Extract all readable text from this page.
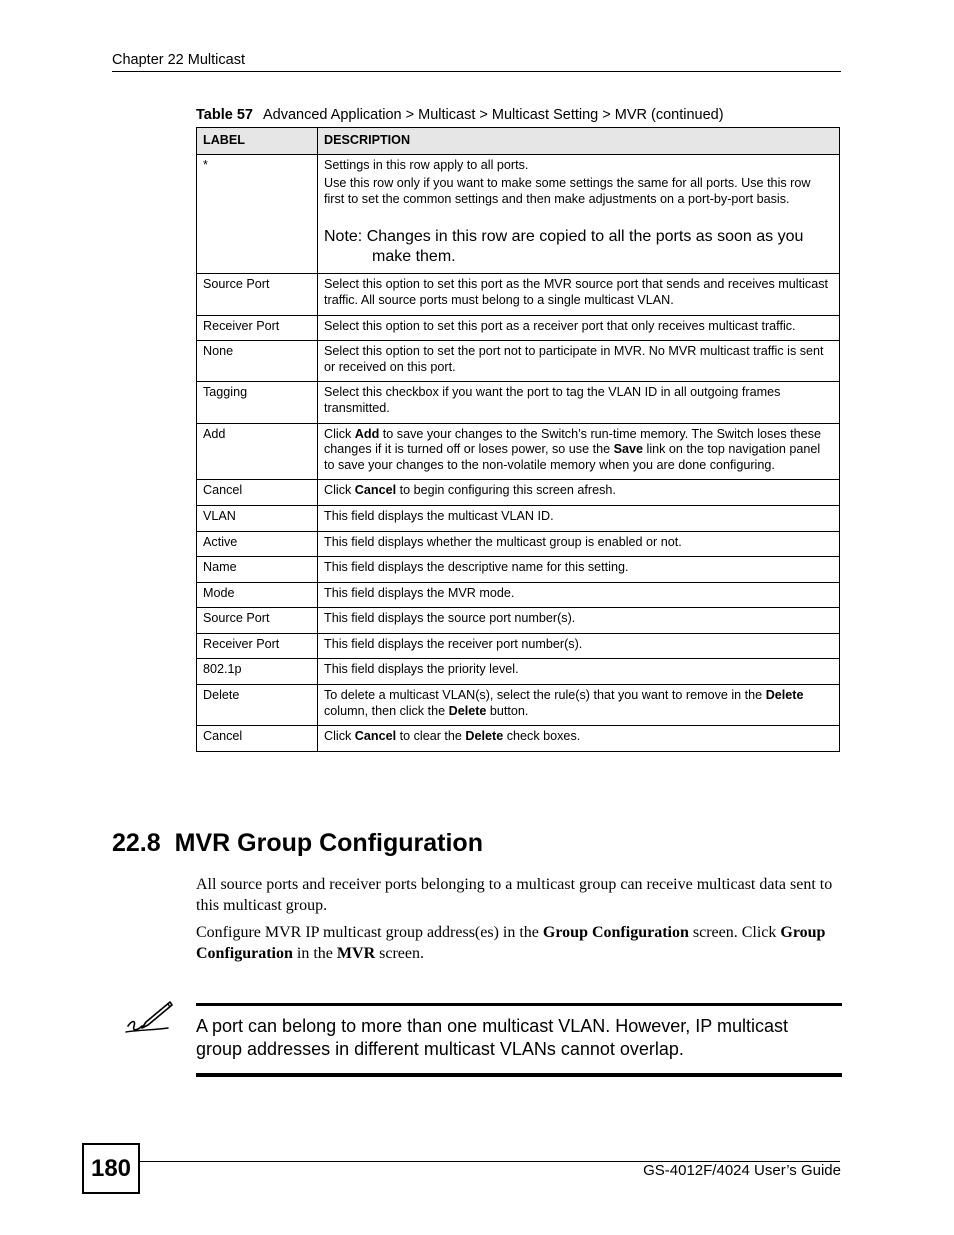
Chapter 22 Multicast
Table 57 Advanced Application > Multicast > Multicast Setting > MVR (continued)
LABEL	DESCRIPTION
*	Settings in this row apply to all ports.

Use this row only if you want to make some settings the same for all ports. Use this row first to set the common settings and then make adjustments on a port-by-port basis.

Note: Changes in this row are copied to all the ports as soon as you make them.

Source Port	Select this option to set this port as the MVR source port that sends and receives multicast traffic. All source ports must belong to a single multicast VLAN.
Receiver Port	Select this option to set this port as a receiver port that only receives multicast traffic.
None	Select this option to set the port not to participate in MVR. No MVR multicast traffic is sent or received on this port.
Tagging	Select this checkbox if you want the port to tag the VLAN ID in all outgoing frames transmitted.
Add	Click Add to save your changes to the Switch’s run-time memory. The Switch loses these changes if it is turned off or loses power, so use the Save link on the top navigation panel to save your changes to the non-volatile memory when you are done configuring.
Cancel	Click Cancel to begin configuring this screen afresh.
VLAN	This field displays the multicast VLAN ID.
Active	This field displays whether the multicast group is enabled or not.
Name	This field displays the descriptive name for this setting.
Mode	This field displays the MVR mode.
Source Port	This field displays the source port number(s).
Receiver Port	This field displays the receiver port number(s).
802.1p	This field displays the priority level.
Delete	To delete a multicast VLAN(s), select the rule(s) that you want to remove in the Delete column, then click the Delete button.
Cancel	Click Cancel to clear the Delete check boxes.
22.8 MVR Group Configuration

All source ports and receiver ports belonging to a multicast group can receive multicast data sent to this multicast group.

Configure MVR IP multicast group address(es) in the Group Configuration screen. Click Group Configuration in the MVR screen.

A port can belong to more than one multicast VLAN. However, IP multicast group addresses in different multicast VLANs cannot overlap.

180	GS-4012F/4024 User’s Guide
